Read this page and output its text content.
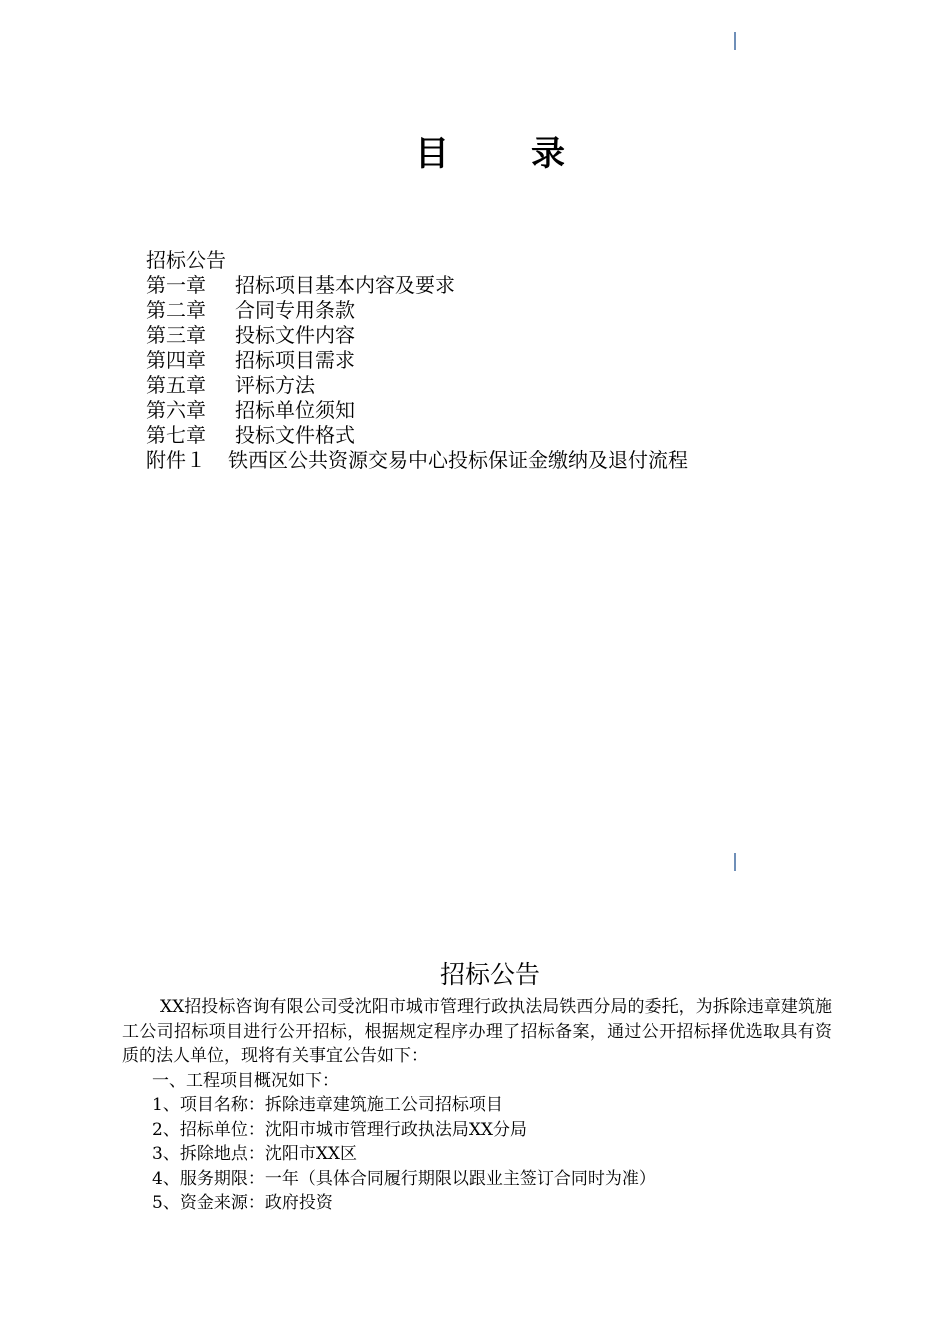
目 录
招标公告
第一章 招标项目基本内容及要求
第二章 合同专用条款
第三章 投标文件内容
第四章 招标项目需求
第五章 评标方法
第六章 招标单位须知
第七章 投标文件格式
附件１ 铁西区公共资源交易中心投标保证金缴纳及退付流程
招标公告

XX招投标咨询有限公司受沈阳市城市管理行政执法局铁西分局的委托，为拆除违章建筑施工公司招标项目进行公开招标，根据规定程序办理了招标备案，通过公开招标择优选取具有资质的法人单位，现将有关事宜公告如下：

一、工程项目概况如下：

1、项目名称：拆除违章建筑施工公司招标项目

2、招标单位：沈阳市城市管理行政执法局XX分局

3、拆除地点：沈阳市XX区

4、服务期限：一年（具体合同履行期限以跟业主签订合同时为准）

5、资金来源：政府投资
